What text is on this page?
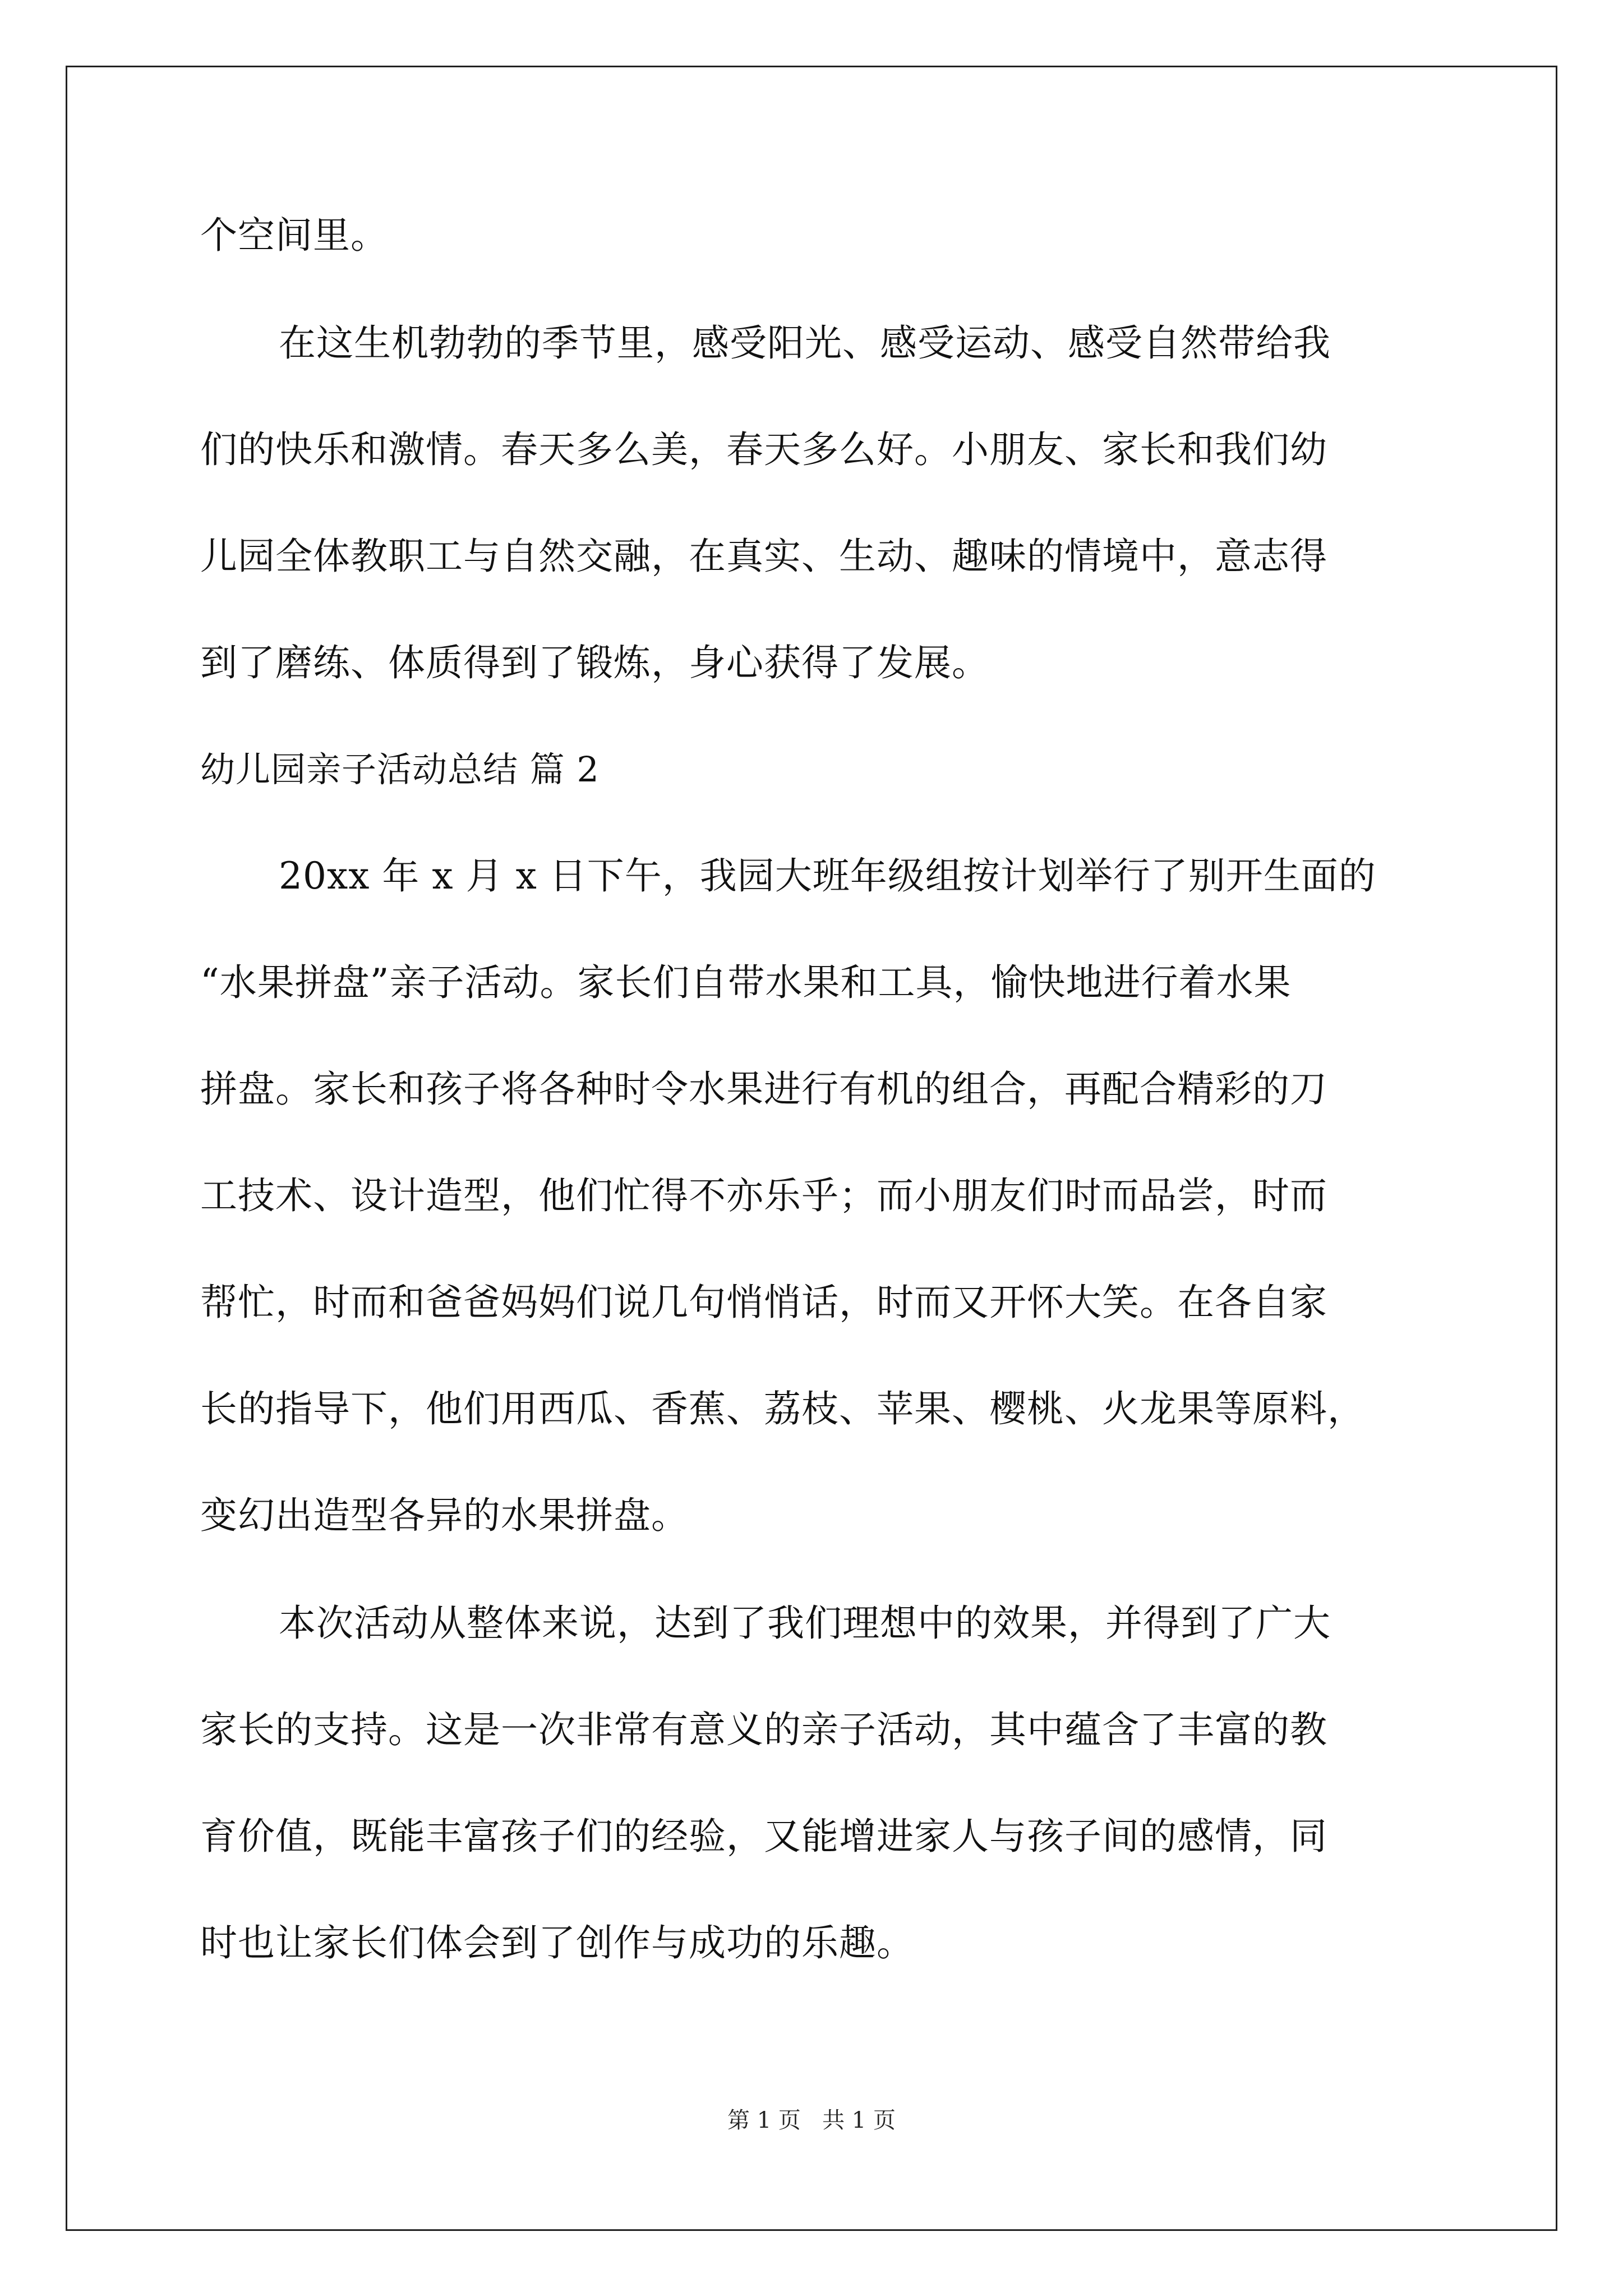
个空间里。
在这生机勃勃的季节里，感受阳光、感受运动、感受自然带给我
们的快乐和激情。春天多么美，春天多么好。小朋友、家长和我们幼
儿园全体教职工与自然交融，在真实、生动、趣味的情境中，意志得
到了磨练、体质得到了锻炼，身心获得了发展。
幼儿园亲子活动总结 篇 2
20xx 年 x 月 x 日下午，我园大班年级组按计划举行了别开生面的
“水果拼盘”亲子活动。家长们自带水果和工具，愉快地进行着水果
拼盘。家长和孩子将各种时令水果进行有机的组合，再配合精彩的刀
工技术、设计造型，他们忙得不亦乐乎；而小朋友们时而品尝，时而
帮忙，时而和爸爸妈妈们说几句悄悄话，时而又开怀大笑。在各自家
长的指导下，他们用西瓜、香蕉、荔枝、苹果、樱桃、火龙果等原料，
变幻出造型各异的水果拼盘。
本次活动从整体来说，达到了我们理想中的效果，并得到了广大
家长的支持。这是一次非常有意义的亲子活动，其中蕴含了丰富的教
育价值，既能丰富孩子们的经验，又能增进家人与孩子间的感情，同
时也让家长们体会到了创作与成功的乐趣。
第 1 页   共 1 页
